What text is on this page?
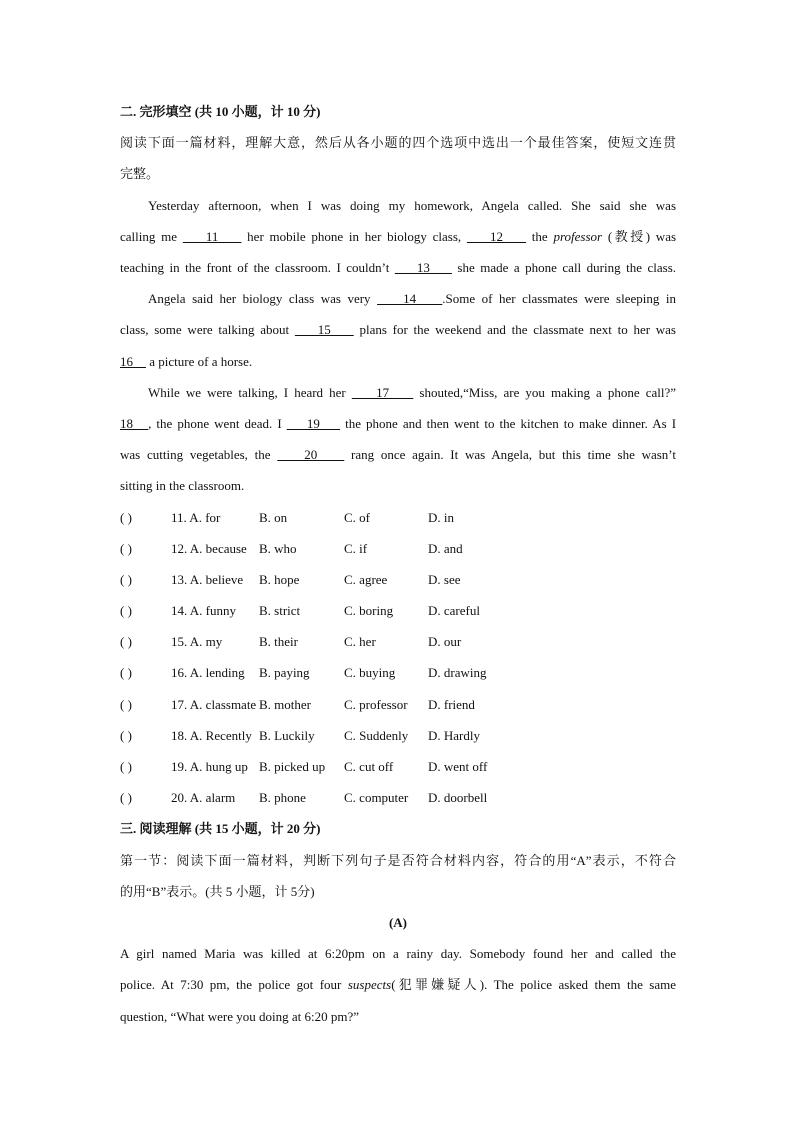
二. 完形填空 (共 10 小题，计 10 分)
阅读下面一篇材料，理解大意，然后从各小题的四个选项中选出一个最佳答案，使短文连贯
完整。
Yesterday afternoon, when I was doing my homework, Angela called. She said she was
calling me     11     her mobile phone in her biology class,     12     the professor (教授) was
teaching in the front of the classroom. I couldn’t     13     she made a phone call during the class.
Angela said her biology class was very     14    .Some of her classmates were sleeping in
class, some were talking about     15     plans for the weekend and the classmate next to her was
16     a picture of a horse.
While we were talking, I heard her     17     shouted,“Miss, are you making a phone call?”
18   , the phone went dead. I     19     the phone and then went to the kitchen to make dinner. As I
was cutting vegetables, the     20     rang once again. It was Angela, but this time she wasn’t
sitting in the classroom.
( )	11. A. for	B. on	C. of	D. in
( )	12. A. because B. who	C. if	D. and
( )	13. A. believe	B. hope	C. agree	D. see
( )	14. A. funny	B. strict	C. boring	D. careful
( )	15. A. my	B. their	C. her	D. our
( )	16. A. lending	B. paying	C. buying	D. drawing
( )	17. A. classmate B. mother	C. professor	D. friend
( )	18. A. Recently B. Luckily	C. Suddenly	D. Hardly
( )	19. A. hung up B. picked up	C. cut off	D. went off
( )	20. A. alarm	B. phone	C. computer	D. doorbell
三. 阅读理解 (共 15 小题，计 20 分)
第一节：阅读下面一篇材料，判断下列句子是否符合材料内容，符合的用“A”表示，不符合
的用“B”表示。(共 5 小题，计 5分)
(A)
A girl named Maria was killed at 6:20pm on a rainy day. Somebody found her and called the
police. At 7:30 pm, the police got four suspects(犯罪嫌疑人). The police asked them the same
question, “What were you doing at 6:20 pm?”
